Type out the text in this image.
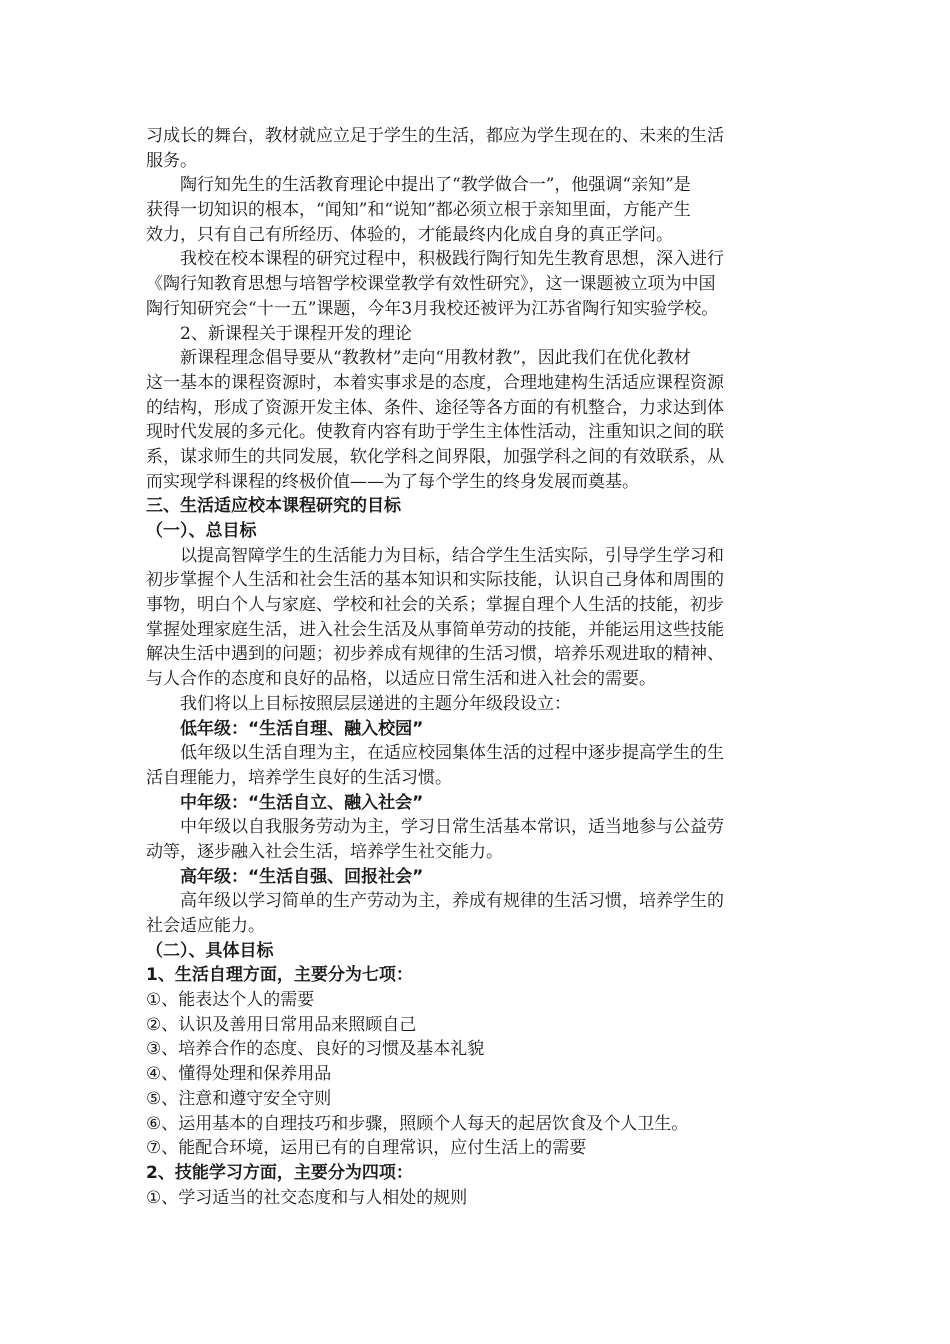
习成长的舞台，教材就应立足于学生的生活，都应为学生现在的、未来的生活
服务。
陶行知先生的生活教育理论中提出了“教学做合一”，他强调“亲知”是
获得一切知识的根本，“闻知”和“说知”都必须立根于亲知里面，方能产生
效力，只有自己有所经历、体验的，才能最终内化成自身的真正学问。
我校在校本课程的研究过程中，积极践行陶行知先生教育思想，深入进行
《陶行知教育思想与培智学校课堂教学有效性研究》，这一课题被立项为中国
陶行知研究会“十一五”课题，今年3月我校还被评为江苏省陶行知实验学校。
2、新课程关于课程开发的理论
新课程理念倡导要从“教教材”走向“用教材教”，因此我们在优化教材
这一基本的课程资源时，本着实事求是的态度，合理地建构生活适应课程资源
的结构，形成了资源开发主体、条件、途径等各方面的有机整合，力求达到体
现时代发展的多元化。使教育内容有助于学生主体性活动，注重知识之间的联
系，谋求师生的共同发展，软化学科之间界限，加强学科之间的有效联系，从
而实现学科课程的终极价值——为了每个学生的终身发展而奠基。
三、生活适应校本课程研究的目标
（一）、总目标
以提高智障学生的生活能力为目标，结合学生生活实际，引导学生学习和
初步掌握个人生活和社会生活的基本知识和实际技能，认识自己身体和周围的
事物，明白个人与家庭、学校和社会的关系；掌握自理个人生活的技能，初步
掌握处理家庭生活，进入社会生活及从事简单劳动的技能，并能运用这些技能
解决生活中遇到的问题；初步养成有规律的生活习惯，培养乐观进取的精神、
与人合作的态度和良好的品格，以适应日常生活和进入社会的需要。
我们将以上目标按照层层递进的主题分年级段设立：
低年级：“生活自理、融入校园”
低年级以生活自理为主，在适应校园集体生活的过程中逐步提高学生的生
活自理能力，培养学生良好的生活习惯。
中年级：“生活自立、融入社会”
中年级以自我服务劳动为主，学习日常生活基本常识，适当地参与公益劳
动等，逐步融入社会生活，培养学生社交能力。
高年级：“生活自强、回报社会”
高年级以学习简单的生产劳动为主，养成有规律的生活习惯，培养学生的
社会适应能力。
（二）、具体目标
1、生活自理方面，主要分为七项：
①、能表达个人的需要
②、认识及善用日常用品来照顾自己
③、培养合作的态度、良好的习惯及基本礼貌
④、懂得处理和保养用品
⑤、注意和遵守安全守则
⑥、运用基本的自理技巧和步骤，照顾个人每天的起居饮食及个人卫生。
⑦、能配合环境，运用已有的自理常识，应付生活上的需要
2、技能学习方面，主要分为四项：
①、学习适当的社交态度和与人相处的规则
